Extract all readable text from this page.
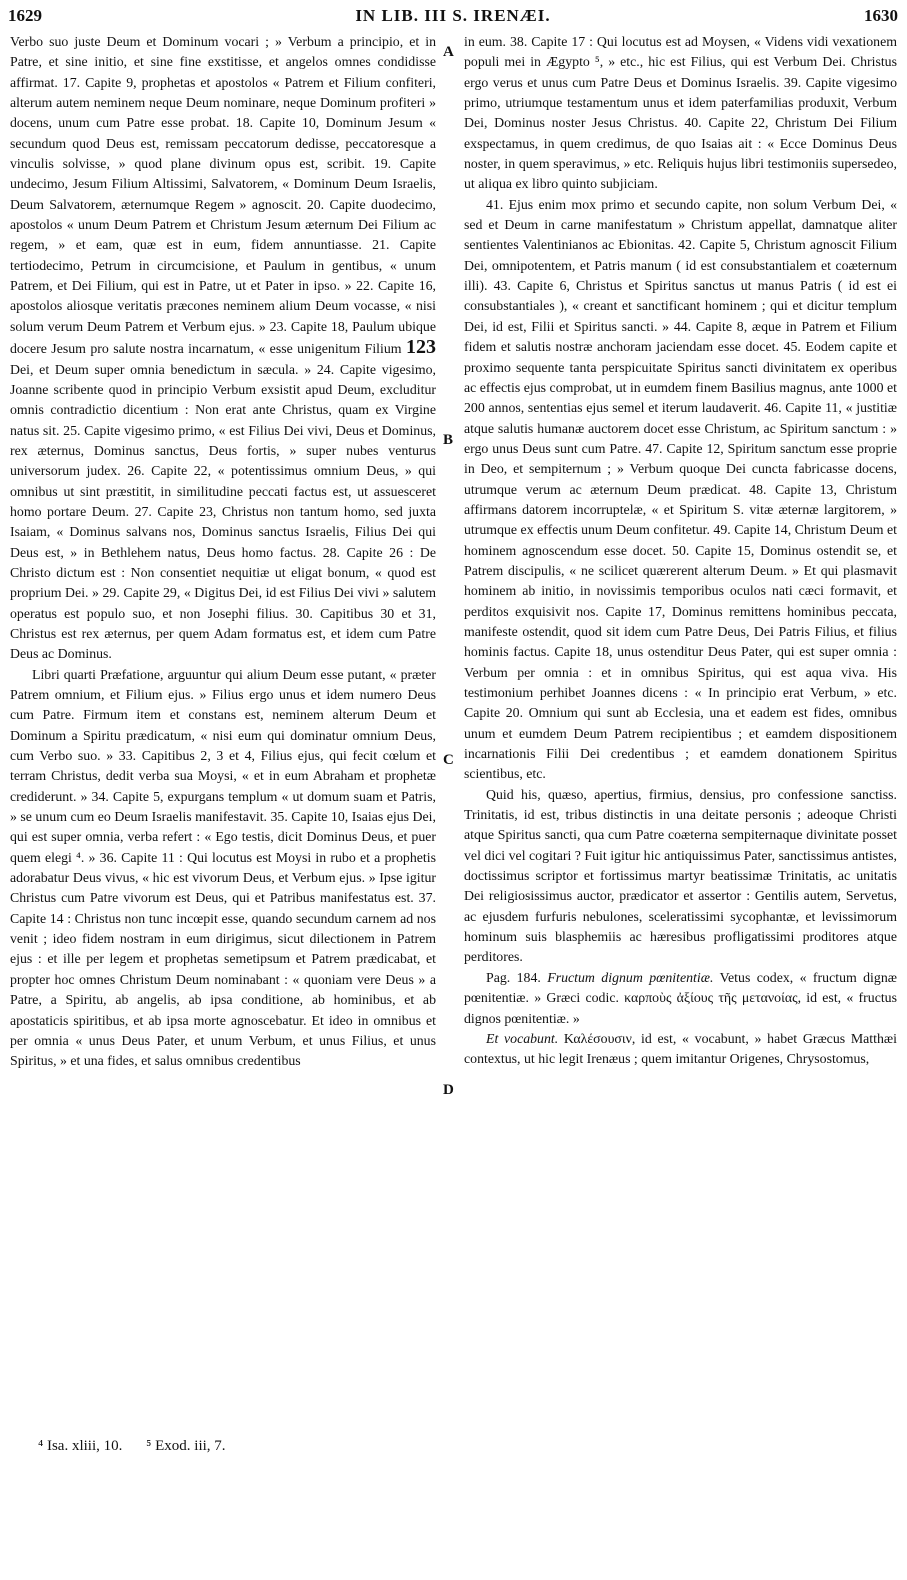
1629	IN LIB. III S. IRENÆI.	1630

Verbo suo juste Deum et Dominum vocari ; » Verbum a principio, et in Patre, et sine initio, et sine fine exstitisse, et angelos omnes condidisse affirmat. 17. Capite 9, prophetas et apostolos « Patrem et Filium confiteri, alterum autem neminem neque Deum nominare, neque Dominum profiteri » docens, unum cum Patre esse probat. 18. Capite 10, Dominum Jesum « secundum quod Deus est, remissam peccatorum dedisse, peccatoresque a vinculis solvisse, » quod plane divinum opus est, scribit. 19. Capite undecimo, Jesum Filium Altissimi, Salvatorem, « Dominum Deum Israelis, Deum Salvatorem, æternumque Regem » agnoscit. 20. Capite duodecimo, apostolos « unum Deum Patrem et Christum Jesum æternum Dei Filium ac regem, » et eam, quæ est in eum, fidem annuntiasse. 21. Capite tertiodecimo, Petrum in circumcisione, et Paulum in gentibus, « unum Patrem, et Dei Filium, qui est in Patre, ut et Pater in ipso. » 22. Capite 16, apostolos aliosque veritatis præcones neminem alium Deum vocasse, « nisi solum verum Deum Patrem et Verbum ejus. » 23. Capite 18, Paulum ubique docere Jesum pro salute nostra incarnatum, « esse unigenitum Filium 123 Dei, et Deum super omnia benedictum in sæcula. » 24. Capite vigesimo, Joanne scribente quod in principio Verbum exsistit apud Deum, excluditur omnis contradictio dicentium : Non erat ante Christus, quam ex Virgine natus sit. 25. Capite vigesimo primo, « est Filius Dei vivi, Deus et Dominus, rex æternus, Dominus sanctus, Deus fortis, » super nubes venturus universorum judex. 26. Capite 22, « potentissimus omnium Deus, » qui omnibus ut sint præstitit, in similitudine peccati factus est, ut assuesceret homo portare Deum. 27. Capite 23, Christus non tantum homo, sed juxta Isaiam, « Dominus salvans nos, Dominus sanctus Israelis, Filius Dei qui Deus est, » in Bethlehem natus, Deus homo factus. 28. Capite 26 : De Christo dictum est : Non consentiet nequitiæ ut eligat bonum, « quod est proprium Dei. » 29. Capite 29, « Digitus Dei, id est Filius Dei vivi » salutem operatus est populo suo, et non Josephi filius. 30. Capitibus 30 et 31, Christus est rex æternus, per quem Adam formatus est, et idem cum Patre Deus ac Dominus.

Libri quarti Præfatione, arguuntur qui alium Deum esse putant, « præter Patrem omnium, et Filium ejus. » Filius ergo unus et idem numero Deus cum Patre. Firmum item et constans est, neminem alterum Deum et Dominum a Spiritu prædicatum, « nisi eum qui dominatur omnium Deus, cum Verbo suo. » 33. Capitibus 2, 3 et 4, Filius ejus, qui fecit cœlum et terram Christus, dedit verba sua Moysi, « et in eum Abraham et prophetæ crediderunt. » 34. Capite 5, expurgans templum « ut domum suam et Patris, » se unum cum eo Deum Israelis manifestavit. 35. Capite 10, Isaias ejus Dei, qui est super omnia, verba refert : « Ego testis, dicit Dominus Deus, et puer quem elegi ⁴. » 36. Capite 11 : Qui locutus est Moysi in rubo et a prophetis adorabatur Deus vivus, « hic est vivorum Deus, et Verbum ejus. » Ipse igitur Christus cum Patre vivorum est Deus, qui et Patribus manifestatus est. 37. Capite 14 : Christus non tunc incœpit esse, quando secundum carnem ad nos venit ; ideo fidem nostram in eum dirigimus, sicut dilectionem in Patrem ejus : et ille per legem et prophetas semetipsum et Patrem prædicabat, et propter hoc omnes Christum Deum nominabant : « quoniam vere Deus » a Patre, a Spiritu, ab angelis, ab ipsa conditione, ab hominibus, et ab apostaticis spiritibus, et ab ipsa morte agnoscebatur. Et ideo in omnibus et per omnia « unus Deus Pater, et unum Verbum, et unus Filius, et unus Spiritus, » et una fides, et salus omnibus credentibus

A
B
C
D

in eum. 38. Capite 17 : Qui locutus est ad Moysen, « Videns vidi vexationem populi mei in Ægypto ⁵, » etc., hic est Filius, qui est Verbum Dei. Christus ergo verus et unus cum Patre Deus et Dominus Israelis. 39. Capite vigesimo primo, utriumque testamentum unus et idem paterfamilias produxit, Verbum Dei, Dominus noster Jesus Christus. 40. Capite 22, Christum Dei Filium exspectamus, in quem credimus, de quo Isaias ait : « Ecce Dominus Deus noster, in quem speravimus, » etc. Reliquis hujus libri testimoniis supersedeo, ut aliqua ex libro quinto subjiciam.

41. Ejus enim mox primo et secundo capite, non solum Verbum Dei, « sed et Deum in carne manifestatum » Christum appellat, damnatque aliter sentientes Valentinianos ac Ebionitas. 42. Capite 5, Christum agnoscit Filium Dei, omnipotentem, et Patris manum ( id est consubstantialem et coæternum illi). 43. Capite 6, Christus et Spiritus sanctus ut manus Patris ( id est ei consubstantiales ), « creant et sanctificant hominem ; qui et dicitur templum Dei, id est, Filii et Spiritus sancti. » 44. Capite 8, æque in Patrem et Filium fidem et salutis nostræ anchoram jaciendam esse docet. 45. Eodem capite et proximo sequente tanta perspicuitate Spiritus sancti divinitatem ex operibus ac effectis ejus comprobat, ut in eumdem finem Basilius magnus, ante 1000 et 200 annos, sententias ejus semel et iterum laudaverit. 46. Capite 11, « justitiæ atque salutis humanæ auctorem docet esse Christum, ac Spiritum sanctum : » ergo unus Deus sunt cum Patre. 47. Capite 12, Spiritum sanctum esse proprie in Deo, et sempiternum ; » Verbum quoque Dei cuncta fabricasse docens, utrumque verum ac æternum Deum prædicat. 48. Capite 13, Christum affirmans datorem incorruptelæ, « et Spiritum S. vitæ æternæ largitorem, » utrumque ex effectis unum Deum confitetur. 49. Capite 14, Christum Deum et hominem agnoscendum esse docet. 50. Capite 15, Dominus ostendit se, et Patrem discipulis, « ne scilicet quærerent alterum Deum. » Et qui plasmavit hominem ab initio, in novissimis temporibus oculos nati cæci formavit, et perditos exquisivit nos. Capite 17, Dominus remittens hominibus peccata, manifeste ostendit, quod sit idem cum Patre Deus, Dei Patris Filius, et filius hominis factus. Capite 18, unus ostenditur Deus Pater, qui est super omnia : Verbum per omnia : et in omnibus Spiritus, qui est aqua viva. His testimonium perhibet Joannes dicens : « In principio erat Verbum, » etc. Capite 20. Omnium qui sunt ab Ecclesia, una et eadem est fides, omnibus unum et eumdem Deum Patrem recipientibus ; et eamdem dispositionem incarnationis Filii Dei credentibus ; et eamdem donationem Spiritus scientibus, etc.

Quid his, quæso, apertius, firmius, densius, pro confessione sanctiss. Trinitatis, id est, tribus distinctis in una deitate personis ; adeoque Christi atque Spiritus sancti, qua cum Patre coæterna sempiternaque divinitate posset vel dici vel cogitari ? Fuit igitur hic antiquissimus Pater, sanctissimus antistes, doctissimus scriptor et fortissimus martyr beatissimæ Trinitatis, ac unitatis Dei religiosissimus auctor, prædicator et assertor : Gentilis autem, Servetus, ac ejusdem furfuris nebulones, sceleratissimi sycophantæ, et levissimorum hominum suis blasphemiis ac hæresibus profligatissimi proditores atque perditores.

Pag. 184. Fructum dignum pœnitentiæ. Vetus codex, « fructum dignæ pœnitentiæ. » Græci codic. καρποὺς ἀξίους τῆς μετανοίας, id est, « fructus dignos pœnitentiæ. »

Et vocabunt. Καλέσουσιν, id est, « vocabunt, » habet Græcus Matthæi contextus, ut hic legit Irenæus ; quem imitantur Origenes, Chrysostomus,

⁴ Isa. xliii, 10. ⁵ Exod. iii, 7.
